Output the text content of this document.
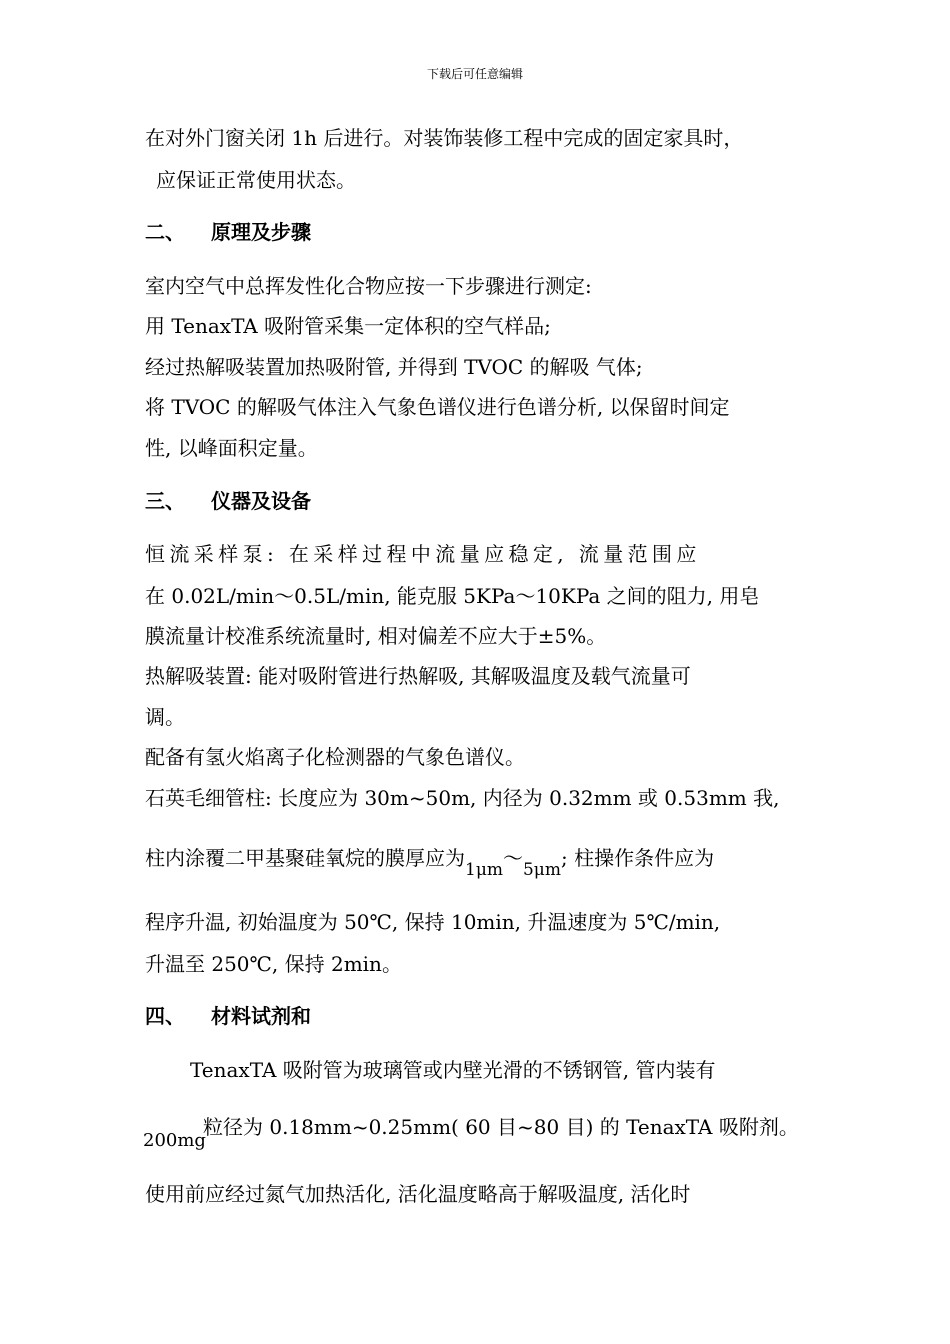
下载后可任意编辑
在对外门窗关闭 1h 后进行。对装饰装修工程中完成的固定家具时，
应保证正常使用状态。
二、 原理及步骤
室内空气中总挥发性化合物应按一下步骤进行测定:
用 TenaxTA 吸附管采集一定体积的空气样品;
经过热解吸装置加热吸附管, 并得到 TVOC 的解吸 气体;
将 TVOC 的解吸气体注入气象色谱仪进行色谱分析, 以保留时间定
性, 以峰面积定量。
三、 仪器及设备
恒流采样泵: 在采样过程中流量应稳定, 流量范围应
在 0.02L/min～0.5L/min, 能克服 5KPa～10KPa 之间的阻力, 用皂
膜流量计校准系统流量时, 相对偏差不应大于±5%。
热解吸装置: 能对吸附管进行热解吸, 其解吸温度及载气流量可
调。
配备有氢火焰离子化检测器的气象色谱仪。
石英毛细管柱: 长度应为 30m~50m, 内径为 0.32mm 或 0.53mm 我,
柱内涂覆二甲基聚硅氧烷的膜厚应为$_{1\mu m}\sim_{5\mu m}$; 柱操作条件应为
程序升温, 初始温度为 50℃, 保持 10min, 升温速度为 5℃/min,
升温至 250℃, 保持 2min。
四、 材料试剂和
TenaxTA 吸附管为玻璃管或内壁光滑的不锈钢管, 管内装有
200mg
粒径为 0.18mm~0.25mm( 60 目~80 目) 的 TenaxTA 吸附剂。
使用前应经过氮气加热活化, 活化温度略高于解吸温度, 活化时
